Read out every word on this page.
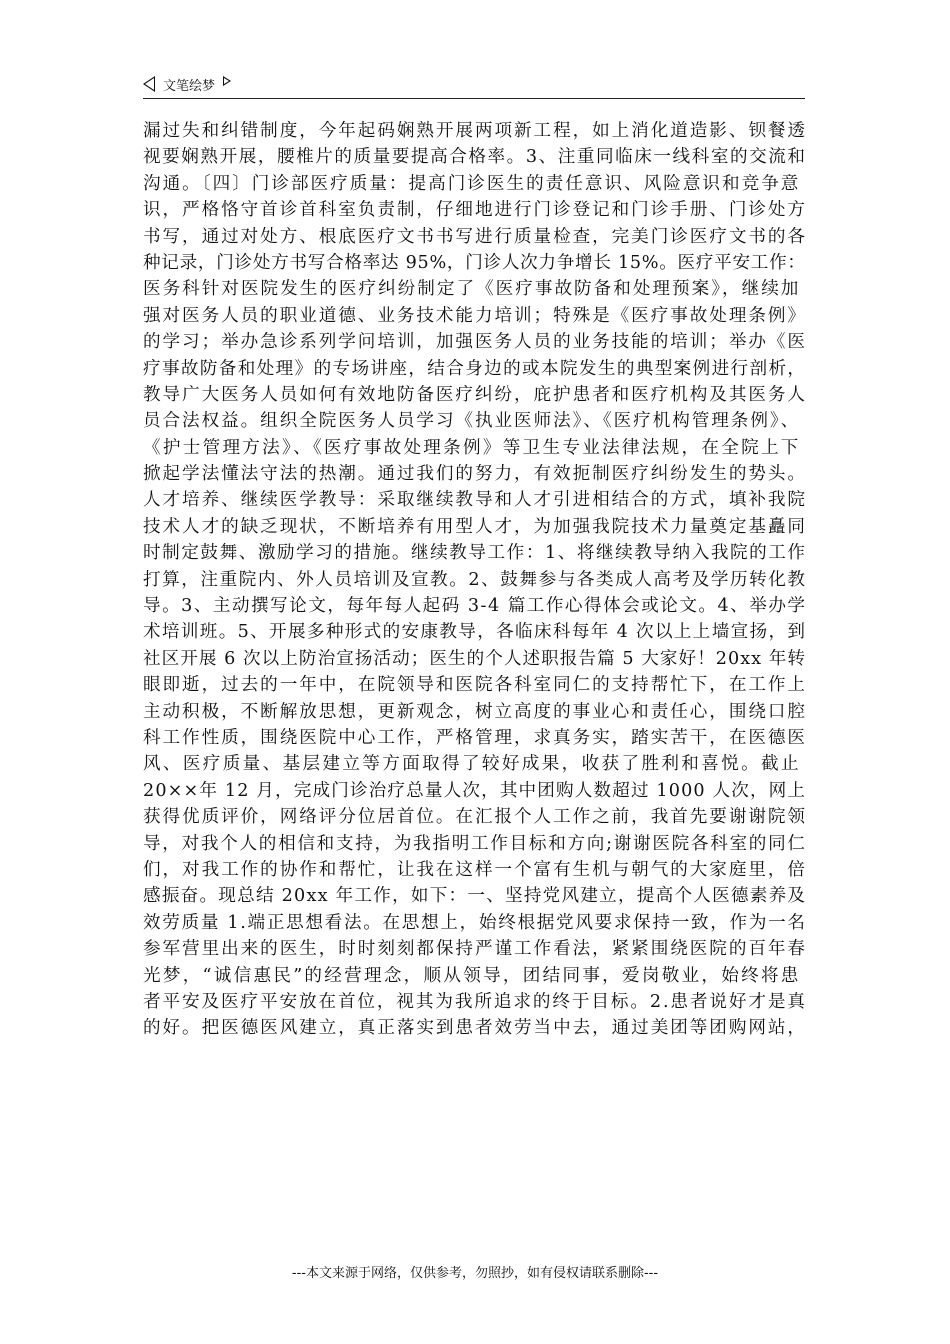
文笔绘梦
漏过失和纠错制度，今年起码娴熟开展两项新工程，如上消化道造影、钡餐透
视要娴熟开展，腰椎片的质量要提高合格率。3、注重同临床一线科室的交流和
沟通。〔四〕门诊部医疗质量：提高门诊医生的责任意识、风险意识和竞争意
识，严格恪守首诊首科室负责制，仔细地进行门诊登记和门诊手册、门诊处方
书写，通过对处方、根底医疗文书书写进行质量检查，完美门诊医疗文书的各
种记录，门诊处方书写合格率达 95%，门诊人次力争增长 15%。医疗平安工作：
医务科针对医院发生的医疗纠纷制定了《医疗事故防备和处理预案》，继续加
强对医务人员的职业道德、业务技术能力培训；特殊是《医疗事故处理条例》
的学习；举办急诊系列学问培训，加强医务人员的业务技能的培训；举办《医
疗事故防备和处理》的专场讲座，结合身边的或本院发生的典型案例进行剖析，
教导广大医务人员如何有效地防备医疗纠纷，庇护患者和医疗机构及其医务人
员合法权益。组织全院医务人员学习《执业医师法》、《医疗机构管理条例》、
《护士管理方法》、《医疗事故处理条例》等卫生专业法律法规，在全院上下
掀起学法懂法守法的热潮。通过我们的努力，有效扼制医疗纠纷发生的势头。
人才培养、继续医学教导：采取继续教导和人才引进相结合的方式，填补我院
技术人才的缺乏现状，不断培养有用型人才，为加强我院技术力量奠定基矗同
时制定鼓舞、激励学习的措施。继续教导工作：1、将继续教导纳入我院的工作
打算，注重院内、外人员培训及宣教。2、鼓舞参与各类成人高考及学历转化教
导。3、主动撰写论文，每年每人起码 3-4 篇工作心得体会或论文。4、举办学
术培训班。5、开展多种形式的安康教导，各临床科每年 4 次以上上墙宣扬，到
社区开展 6 次以上防治宣扬活动；医生的个人述职报告篇 5 大家好！20xx 年转
眼即逝，过去的一年中，在院领导和医院各科室同仁的支持帮忙下，在工作上
主动积极，不断解放思想，更新观念，树立高度的事业心和责任心，围绕口腔
科工作性质，围绕医院中心工作，严格管理，求真务实，踏实苦干，在医德医
风、医疗质量、基层建立等方面取得了较好成果，收获了胜利和喜悦。截止
20××年 12 月，完成门诊治疗总量人次，其中团购人数超过 1000 人次，网上
获得优质评价，网络评分位居首位。在汇报个人工作之前，我首先要谢谢院领
导，对我个人的相信和支持，为我指明工作目标和方向;谢谢医院各科室的同仁
们，对我工作的协作和帮忙，让我在这样一个富有生机与朝气的大家庭里，倍
感振奋。现总结 20xx 年工作，如下：一、坚持党风建立，提高个人医德素养及
效劳质量 1.端正思想看法。在思想上，始终根据党风要求保持一致，作为一名
参军营里出来的医生，时时刻刻都保持严谨工作看法，紧紧围绕医院的百年春
光梦，“诚信惠民”的经营理念，顺从领导，团结同事，爱岗敬业，始终将患
者平安及医疗平安放在首位，视其为我所追求的终于目标。2.患者说好才是真
的好。把医德医风建立，真正落实到患者效劳当中去，通过美团等团购网站，
---本文来源于网络，仅供参考，勿照抄，如有侵权请联系删除---
